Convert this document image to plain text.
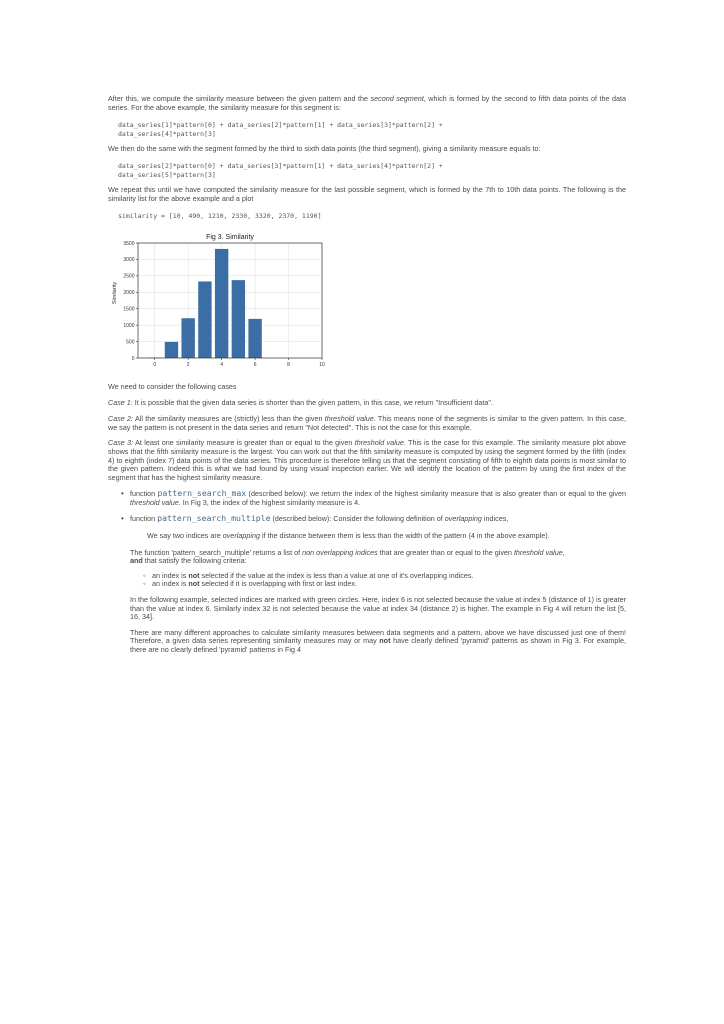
After this, we compute the similarity measure between the given pattern and the second segment, which is formed by the second to fifth data points of the data series. For the above example, the similarity measure for this segment is:

data_series[1]*pattern[0] + data_series[2]*pattern[1] + data_series[3]*pattern[2] +
data_series[4]*pattern[3]

We then do the same with the segment formed by the third to sixth data points (the third segment), giving a similarity measure equals to:

data_series[2]*pattern[0] + data_series[3]*pattern[1] + data_series[4]*pattern[2] +
data_series[5]*pattern[3]

We repeat this until we have computed the similarity measure for the last possible segment, which is formed by the 7th to 10th data points. The following is the similarity list for the above example and a plot

similarity = [10, 490, 1210, 2330, 3320, 2370, 1190]
Fig 3. Similarity
Similarity
0
500
1000
1500
2000
2500
3000
3500
0	2	4	6	8	10

We need to consider the following cases

Case 1: It is possible that the given data series is shorter than the given pattern, in this case, we return "Insufficient data".

Case 2: All the similarity measures are (strictly) less than the given threshold value. This means none of the segments is similar to the given pattern. In this case, we say the pattern is not present in the data series and return "Not detected". This is not the case for this example.

Case 3: At least one similarity measure is greater than or equal to the given threshold value. This is the case for this example. The similarity measure plot above shows that the fifth similarity measure is the largest. You can work out that the fifth similarity measure is computed by using the segment formed by the fifth (index 4) to eighth (index 7) data points of the data series. This procedure is therefore telling us that the segment consisting of fifth to eighth data points is most similar to the given pattern. Indeed this is what we had found by using visual inspection earlier. We will identify the location of the pattern by using the first index of the segment that has the highest similarity measure.

• function pattern_search_max (described below): we return the index of the highest similarity measure that is also greater than or equal to the given threshold value. In Fig 3, the index of the highest similarity measure is 4.

• function pattern_search_multiple (described below): Consider the following definition of overlapping indices,

We say two indices are overlapping if the distance between them is less than the width of the pattern (4 in the above example).

The function 'pattern_search_multiple' returns a list of non overlapping indices that are greater than or equal to the given threshold value,
and that satisfy the following criteria:

◦ an index is not selected if the value at the index is less than a value at one of it's overlapping indices.
◦ an index is not selected if it is overlapping with first or last index.

In the following example, selected indices are marked with green circles. Here, index 6 is not selected because the value at index 5 (distance of 1) is greater than the value at index 6. Similarly index 32 is not selected because the value at index 34 (distance 2) is higher. The example in Fig 4 will return the list [5, 16, 34].

There are many different approaches to calculate similarity measures between data segments and a pattern, above we have discussed just one of them! Therefore, a given data series representing similarity measures may or may not have clearly defined 'pyramid' patterns as shown in Fig 3. For example, there are no clearly defined 'pyramid' patterns in Fig 4
